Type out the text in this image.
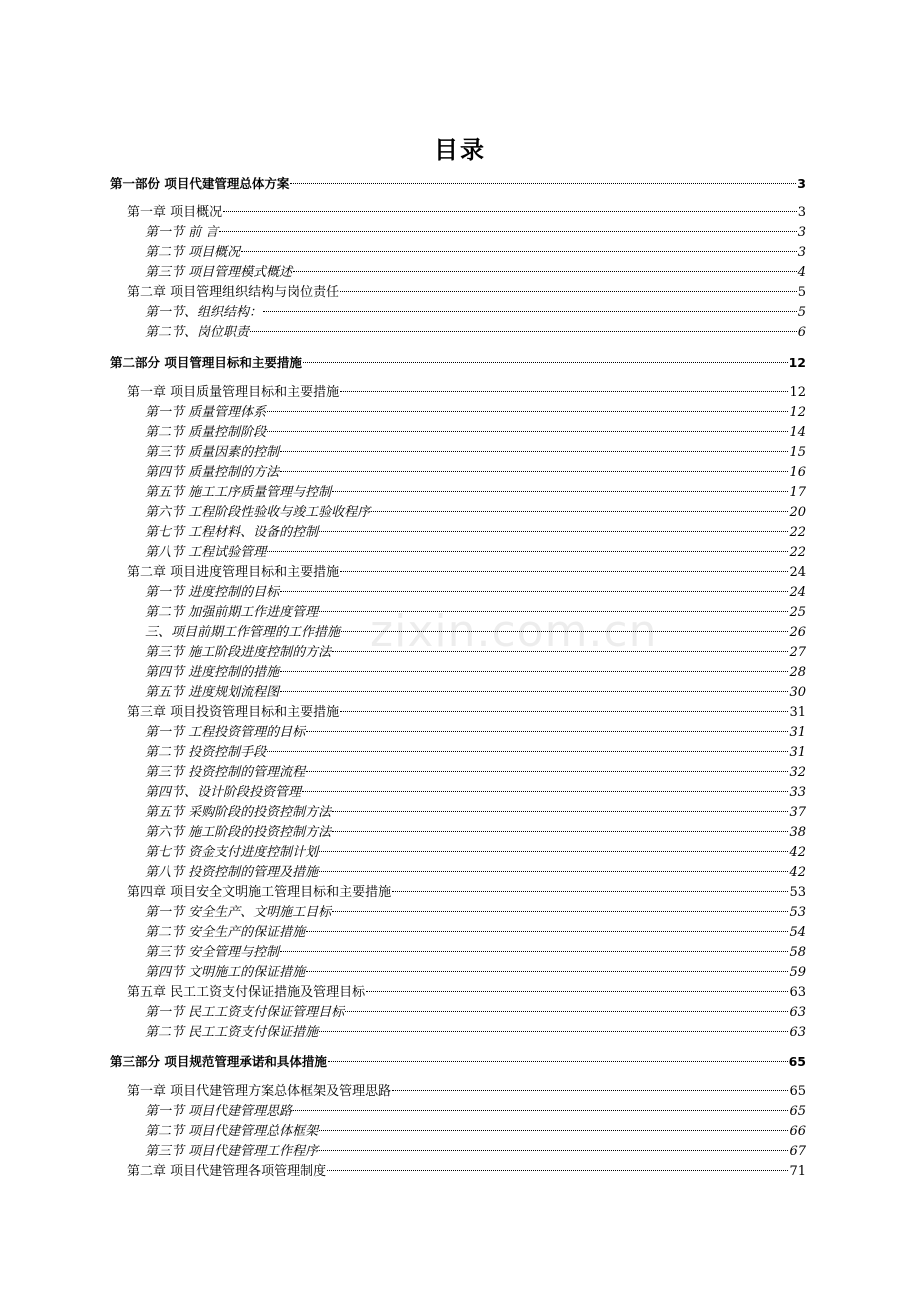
目录
zixin.com.cn
第一部份 项目代建管理总体方案	3
第一章 项目概况	3
第一节 前 言	3
第二节 项目概况	3
第三节 项目管理模式概述	4
第二章 项目管理组织结构与岗位责任	5
第一节、组织结构：	5
第二节、岗位职责	6
第二部分 项目管理目标和主要措施	12
第一章 项目质量管理目标和主要措施	12
第一节 质量管理体系	12
第二节 质量控制阶段	14
第三节 质量因素的控制	15
第四节 质量控制的方法	16
第五节 施工工序质量管理与控制	17
第六节 工程阶段性验收与竣工验收程序	20
第七节 工程材料、设备的控制	22
第八节 工程试验管理	22
第二章 项目进度管理目标和主要措施	24
第一节 进度控制的目标	24
第二节 加强前期工作进度管理	25
三、项目前期工作管理的工作措施	26
第三节 施工阶段进度控制的方法	27
第四节 进度控制的措施	28
第五节 进度规划流程图	30
第三章 项目投资管理目标和主要措施	31
第一节 工程投资管理的目标	31
第二节 投资控制手段	31
第三节 投资控制的管理流程	32
第四节、设计阶段投资管理	33
第五节 采购阶段的投资控制方法	37
第六节 施工阶段的投资控制方法	38
第七节 资金支付进度控制计划	42
第八节 投资控制的管理及措施	42
第四章 项目安全文明施工管理目标和主要措施	53
第一节 安全生产、文明施工目标	53
第二节 安全生产的保证措施	54
第三节 安全管理与控制	58
第四节 文明施工的保证措施	59
第五章 民工工资支付保证措施及管理目标	63
第一节 民工工资支付保证管理目标	63
第二节 民工工资支付保证措施	63
第三部分 项目规范管理承诺和具体措施	65
第一章 项目代建管理方案总体框架及管理思路	65
第一节 项目代建管理思路	65
第二节 项目代建管理总体框架	66
第三节 项目代建管理工作程序	67
第二章 项目代建管理各项管理制度	71
